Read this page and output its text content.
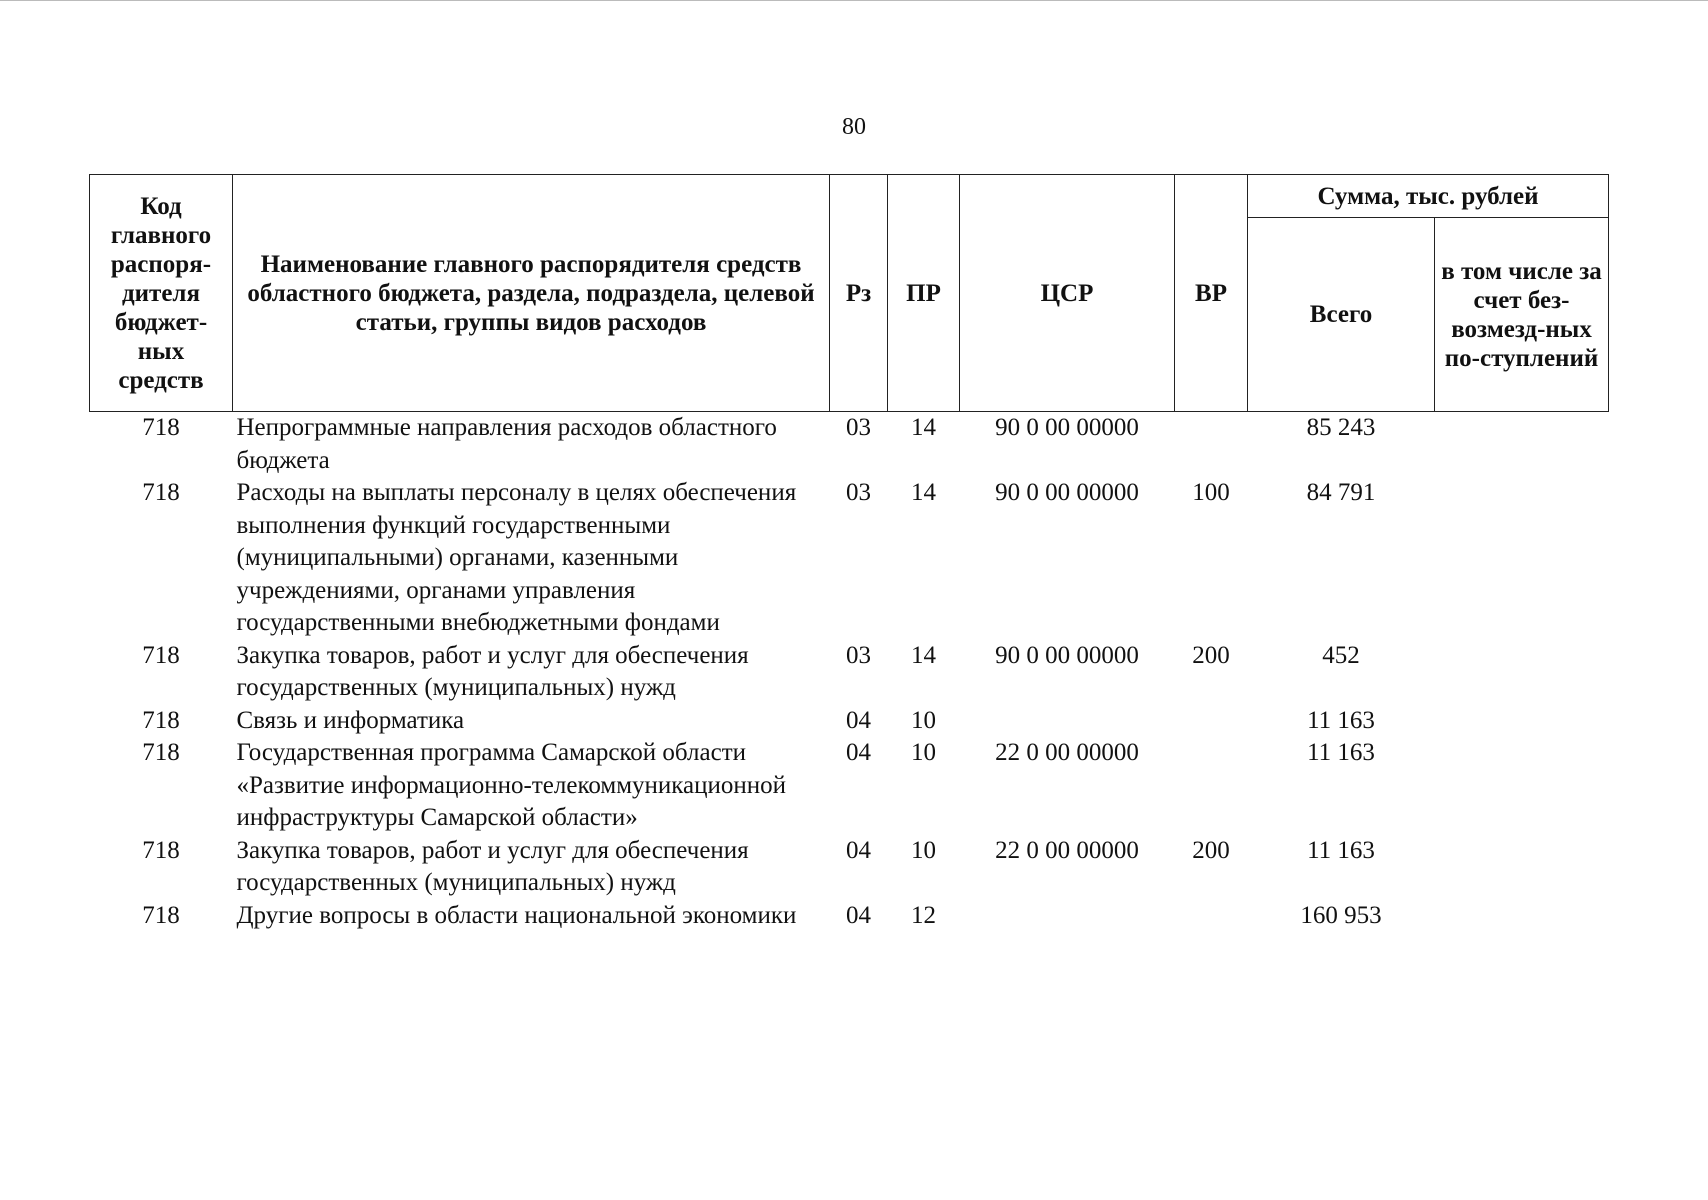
80
Код главного распоря-дителя бюджет-ных средств	Наименование главного распорядителя средств областного бюджета, раздела, подраздела, целевой статьи, группы видов расходов	Рз	ПР	ЦСР	ВР	Сумма, тыс. рублей	
						Всего	в том числе за счет без-возмезд-ных по-ступлений
718	Непрограммные направления расходов областного бюджета	03	14	90 0 00 00000		85 243	
718	Расходы на выплаты персоналу в целях обеспечения выполнения функций государственными (муниципальными) органами, казенными учреждениями, органами управления государственными внебюджетными фондами	03	14	90 0 00 00000	100	84 791	
718	Закупка товаров, работ и услуг для обеспечения государственных (муниципальных) нужд	03	14	90 0 00 00000	200	452	
718	Связь и информатика	04	10			11 163	
718	Государственная программа Самарской области «Развитие информационно-телекоммуникационной инфраструктуры Самарской области»	04	10	22 0 00 00000		11 163	
718	Закупка товаров, работ и услуг для обеспечения государственных (муниципальных) нужд	04	10	22 0 00 00000	200	11 163	
718	Другие вопросы в области национальной экономики	04	12			160 953	
